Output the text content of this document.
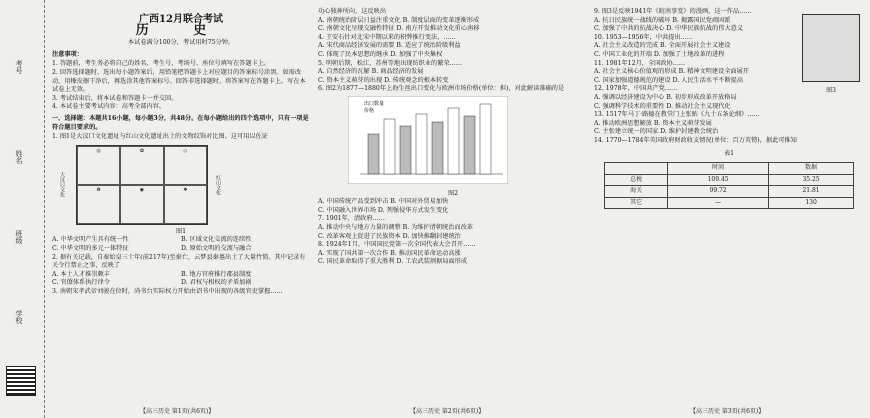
考号
姓名
班级
学校
广西12月联合考试
历 史
本试卷满分100分，考试用时75分钟。
注意事项：
1. 答题前，考生务必将自己的姓名、考生号、考场号、座位号填写在答题卡上。
2. 回答选择题时，选出每小题答案后，用铅笔把答题卡上对应题目的答案标号涂黑。如需改动，用橡皮擦干净后，再选涂其他答案标号。回答非选择题时，将答案写在答题卡上。写在本试卷上无效。
3. 考试结束后，将本试卷和答题卡一并交回。
4. 本试卷主要考试内容：高考全部内容。
一、选择题：本题共16小题，每小题3分，共48分。在每小题给出的四个选项中，只有一项是符合题目要求的。
1. 图1是大汶口文化遗址与红山文化遗址出土的文物纹饰对比图。这可用以佐证
大汶口文化
◎	✿	◇
☸	◉	❖	红山文化
图1
A. 中华文明产生具有统一性	B. 区域文化交流的连续性
C. 中华文明的多元一体特征	D. 原始文明的交流与融合
2. 据有关记载，自秦始皇三十年(前217年)至秦亡，云梦县秦墓出土了大量竹简。其中记录有关令行禁止之事，反映了
A. 本土人才推崇颇丰	B. 地方官府推行郡县制度
C. 官僚体系执行律令	D. 君权与相权的矛盾加剧
3. 南朝宋孝武帝刘骏在位时，尚书台实际权力开始由诏书中出现的各级官吏掌握……
【高三历史 第1页(共6页)】
功心独神所向，这反映出
A. 南朝统治阶层日益注重文化 B. 制度层面的变革逐渐形成
C. 南朝文化呈现交融性特征 D. 南方开发推动文化重心南移
4. 王安石针对北宋中期以来的积弊推行变法，……
A. 宋代商品经济发展的需要 B. 适应了统治阶级利益
C. 体现了民本思想的继承 D. 加强了中央集权
5. 明朝后期，松江、苏州等地出现纺织业的繁荣……
A. 自然经济的瓦解 B. 商品经济的发展
C. 资本主义萌芽的出现 D. 传统观念的根本转变
6. 图2为1877—1880年上海生丝出口变化与欧洲市场价格(单位：担)，对此解读准确的是
出口数量
价格
图2
A. 中国传统产品受到冲击 B. 中国对外贸易加快
C. 中国融入世界市场 D. 列强侵华方式发生变化
7. 1901年，清政府……
A. 推动中央与地方力量的调整 B. 为维护清朝统治而改革
C. 改革客观上促进了民族资本 D. 加快推翻封建统治
8. 1924年1月，中国国民党第一次全国代表大会召开……
A. 实现了国共第一次合作 B. 推动国民革命运动高涨
C. 国民革命取得了重大胜利 D. 工农武装割据局面形成
【高三历史 第2页(共6页)】
9. 图3是反映1941年《皖南事变》的漫画，这一作品……
A. 抗日民族统一战线的破坏 B. 揭露国民党顽固派
C. 加强了中共的抗战决心 D. 中华民族抗战的伟大意义
10. 1953—1956年，中共提出……
A. 社会主义改造的完成 B. 全面开展社会主义建设
C. 中国工业化的开端 D. 加强了土地改革的进程
11. 1981年12月，全国政协……
A. 社会主义核心价值观的形成 B. 精神文明建设全面展开
C. 国家加强道德规范的建设 D. 人民生活水平不断提高
12. 1978年，中国共产党……
A. 强调以经济建设为中心 B. 初步形成改革开放格局
C. 强调科学技术的重要性 D. 推动社会主义现代化
13. 1517年马丁·路德在教堂门上张贴《九十五条论纲》……
A. 推动欧洲思想解放 B. 资本主义萌芽发展
C. 主张建立统一的国家 D. 维护封建教会统治
14. 1770—1784年英国政府财政收支情况(单位：百万英镑)，据此可推知
表1
	时间	数据
总税	109.45	35.25
海关	99.72	21.81
其它	—	130
图3
【高三历史 第3页(共6页)】
